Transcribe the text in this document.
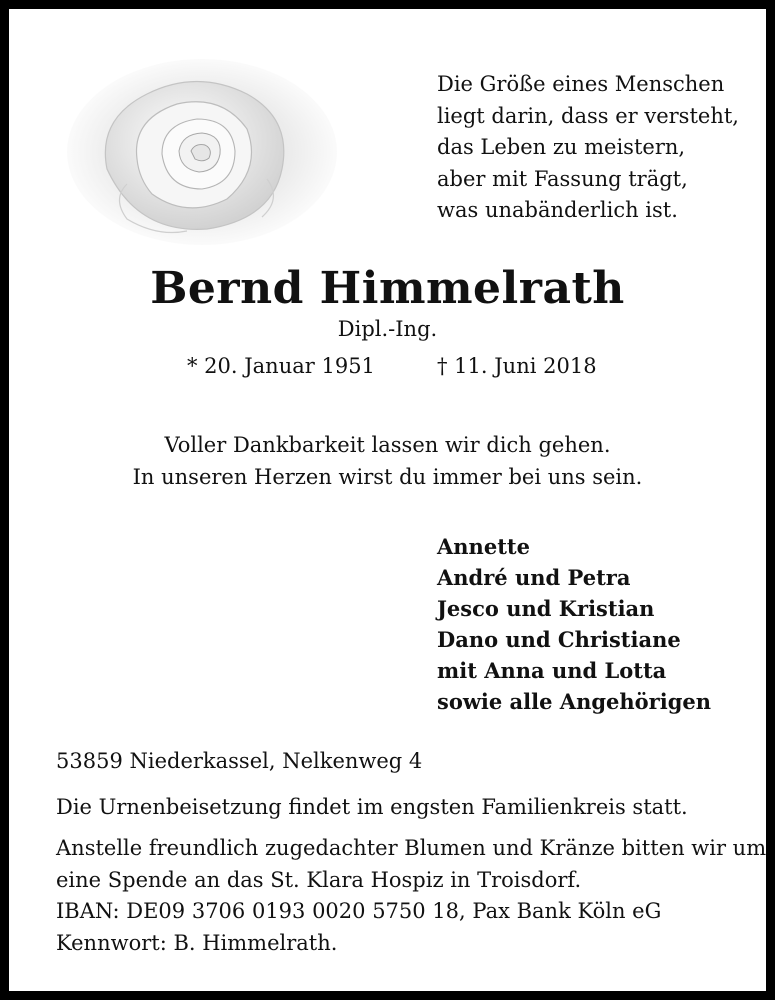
Die Größe eines Menschen
liegt darin, dass er versteht,
das Leben zu meistern,
aber mit Fassung trägt,
was unabänderlich ist.
Bernd Himmelrath
Dipl.-Ing.
* 20. Januar 1951	† 11. Juni 2018
Voller Dankbarkeit lassen wir dich gehen.
In unseren Herzen wirst du immer bei uns sein.
Annette
André und Petra
Jesco und Kristian
Dano und Christiane
mit Anna und Lotta
sowie alle Angehörigen
53859 Niederkassel, Nelkenweg 4
Die Urnenbeisetzung findet im engsten Familienkreis statt.
Anstelle freundlich zugedachter Blumen und Kränze bitten wir um
eine Spende an das St. Klara Hospiz in Troisdorf.
IBAN: DE09 3706 0193 0020 5750 18, Pax Bank Köln eG
Kennwort: B. Himmelrath.
